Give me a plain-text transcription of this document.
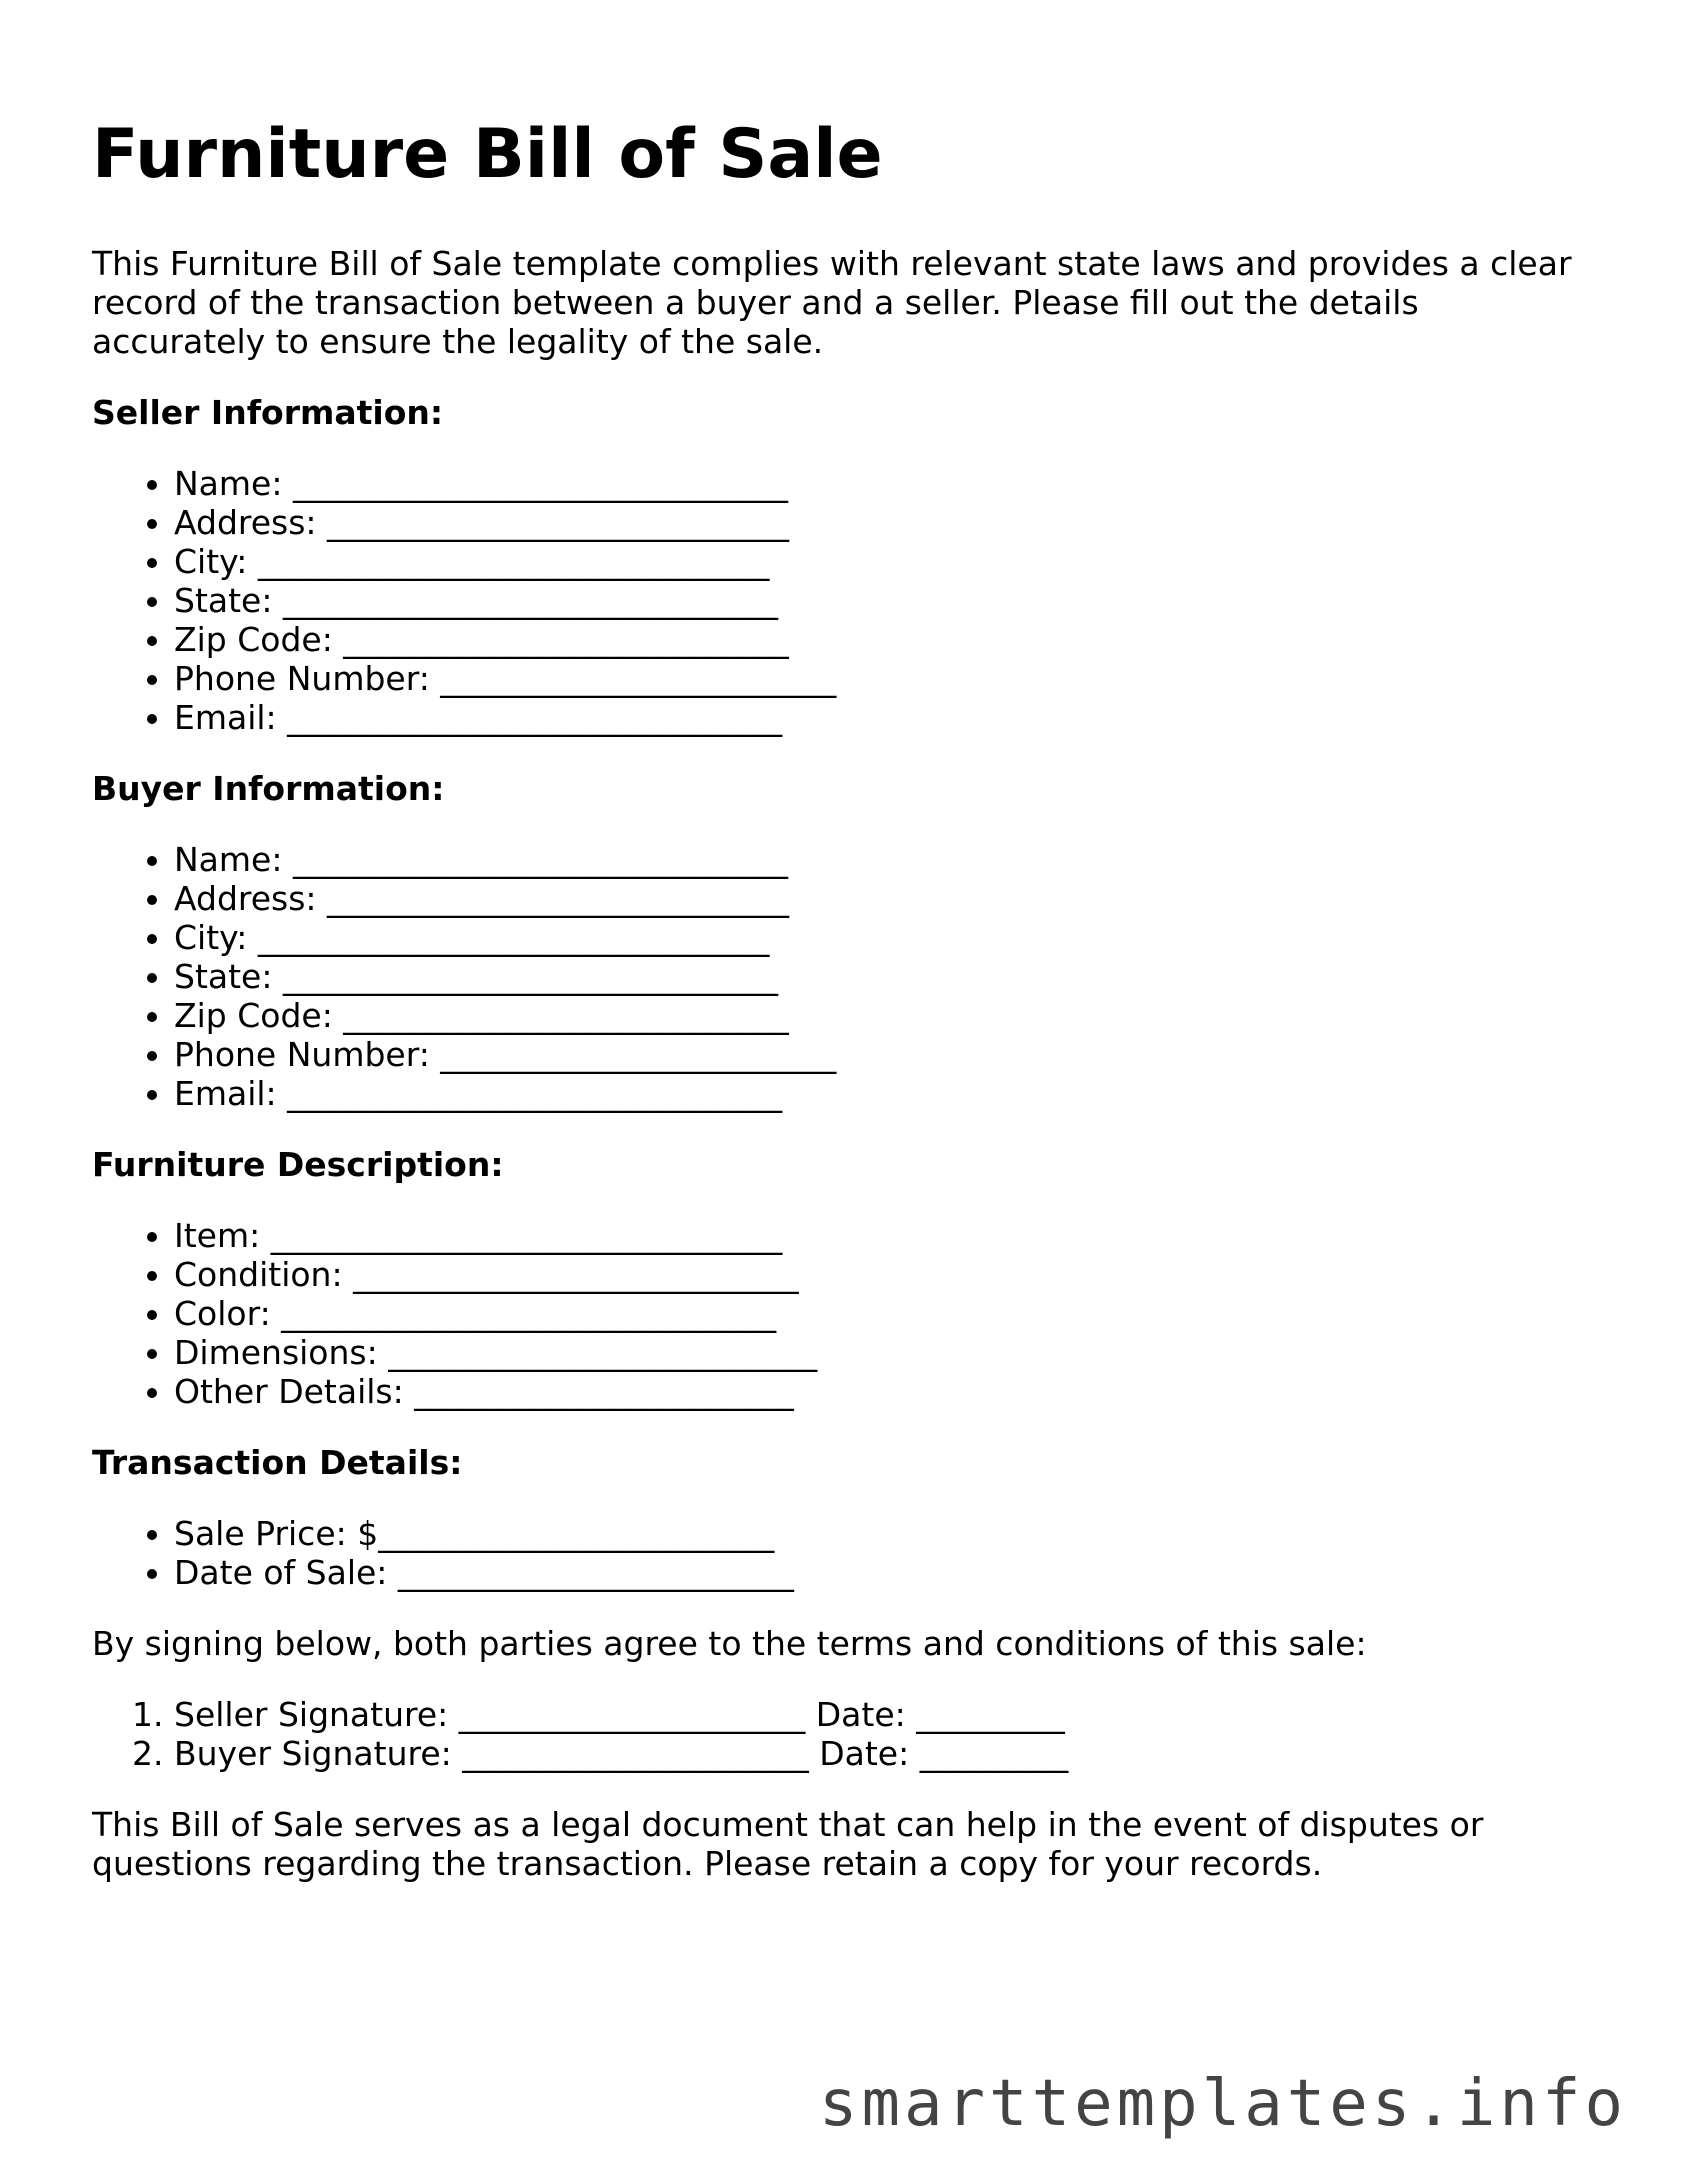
Furniture Bill of Sale

This Furniture Bill of Sale template complies with relevant state laws and provides a clear record of the transaction between a buyer and a seller. Please fill out the details accurately to ensure the legality of the sale.

Seller Information:
• Name: ______________________________
• Address: ____________________________
• City: _______________________________
• State: ______________________________
• Zip Code: ___________________________
• Phone Number: ________________________
• Email: ______________________________
Buyer Information:
• Name: ______________________________
• Address: ____________________________
• City: _______________________________
• State: ______________________________
• Zip Code: ___________________________
• Phone Number: ________________________
• Email: ______________________________
Furniture Description:
• Item: _______________________________
• Condition: ___________________________
• Color: ______________________________
• Dimensions: __________________________
• Other Details: _______________________
Transaction Details:
• Sale Price: $________________________
• Date of Sale: ________________________

By signing below, both parties agree to the terms and conditions of this sale:

1. Seller Signature: _____________________ Date: _________
2. Buyer Signature: _____________________ Date: _________

This Bill of Sale serves as a legal document that can help in the event of disputes or questions regarding the transaction. Please retain a copy for your records.

smarttemplates.info
